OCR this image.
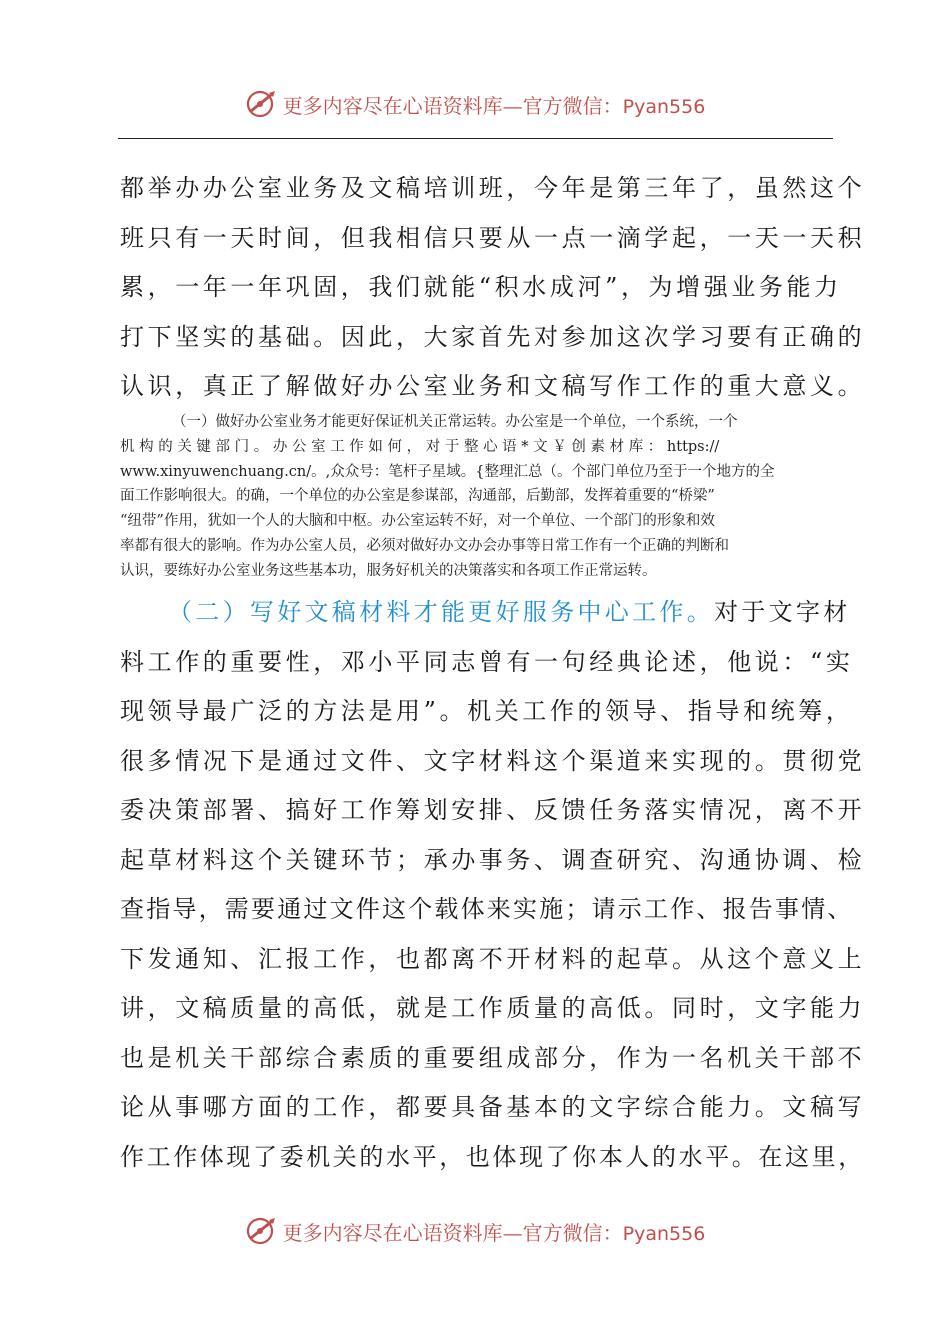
更多内容尽在心语资料库—官方微信：Pyan556
都举办办公室业务及文稿培训班，今年是第三年了，虽然这个
班只有一天时间，但我相信只要从一点一滴学起，一天一天积
累，一年一年巩固，我们就能“积水成河”，为增强业务能力
打下坚实的基础。因此，大家首先对参加这次学习要有正确的
认识，真正了解做好办公室业务和文稿写作工作的重大意义。
（一）做好办公室业务才能更好保证机关正常运转。办公室是一个单位，一个系统，一个
机 构 的 关 键 部 门 。 办 公 室 工 作 如 何 ， 对 于 整 心 语 * 文 ￥ 创 素 材 库 ： https://
www.xinyuwenchuang.cn/。,众众号：笔杆子星域。{整理汇总（。个部门单位乃至于一个地方的全
面工作影响很大。的确，一个单位的办公室是参谋部，沟通部，后勤部，发挥着重要的“桥梁”
“纽带”作用，犹如一个人的大脑和中枢。办公室运转不好，对一个单位、一个部门的形象和效
率都有很大的影响。作为办公室人员，必须对做好办文办会办事等日常工作有一个正确的判断和
认识，要练好办公室业务这些基本功，服务好机关的决策落实和各项工作正常运转。
（二）写好文稿材料才能更好服务中心工作。对于文字材
料工作的重要性，邓小平同志曾有一句经典论述，他说：“实
现领导最广泛的方法是用”。机关工作的领导、指导和统筹，
很多情况下是通过文件、文字材料这个渠道来实现的。贯彻党
委决策部署、搞好工作筹划安排、反馈任务落实情况，离不开
起草材料这个关键环节；承办事务、调查研究、沟通协调、检
查指导，需要通过文件这个载体来实施；请示工作、报告事情、
下发通知、汇报工作，也都离不开材料的起草。从这个意义上
讲，文稿质量的高低，就是工作质量的高低。同时，文字能力
也是机关干部综合素质的重要组成部分，作为一名机关干部不
论从事哪方面的工作，都要具备基本的文字综合能力。文稿写
作工作体现了委机关的水平，也体现了你本人的水平。在这里，
更多内容尽在心语资料库—官方微信：Pyan556
